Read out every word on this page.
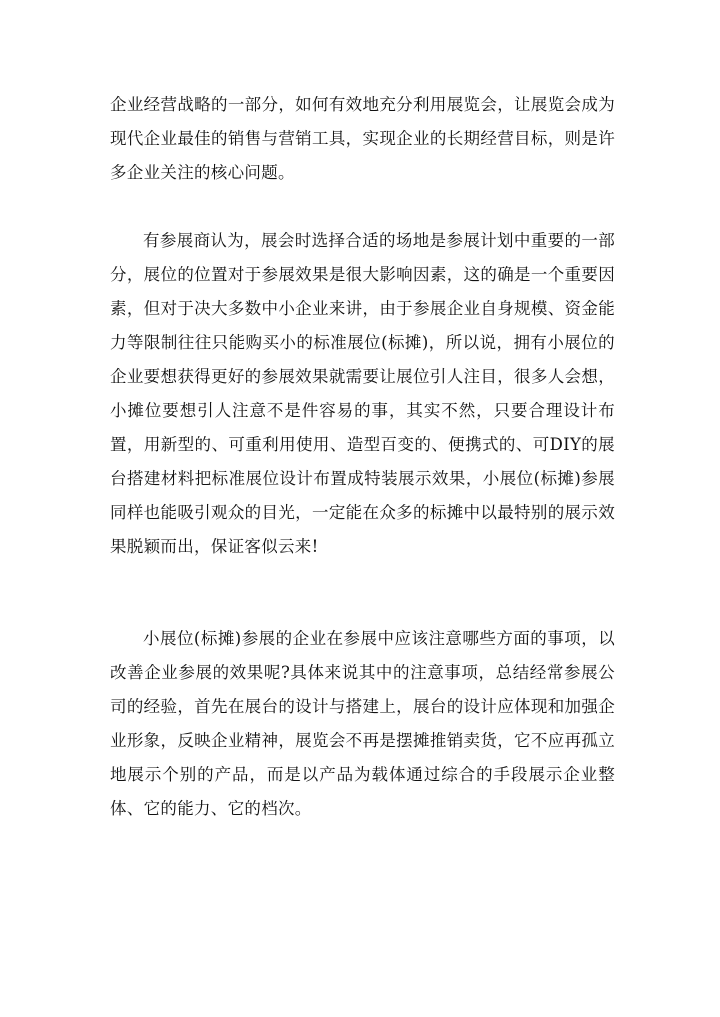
企业经营战略的一部分，如何有效地充分利用展览会，让展览会成为现代企业最佳的销售与营销工具，实现企业的长期经营目标，则是许多企业关注的核心问题。

有参展商认为，展会时选择合适的场地是参展计划中重要的一部分，展位的位置对于参展效果是很大影响因素，这的确是一个重要因素，但对于决大多数中小企业来讲，由于参展企业自身规模、资金能力等限制往往只能购买小的标准展位(标摊)，所以说，拥有小展位的企业要想获得更好的参展效果就需要让展位引人注目，很多人会想，小摊位要想引人注意不是件容易的事，其实不然，只要合理设计布置，用新型的、可重利用使用、造型百变的、便携式的、可DIY的展台搭建材料把标准展位设计布置成特装展示效果，小展位(标摊)参展同样也能吸引观众的目光，一定能在众多的标摊中以最特别的展示效果脱颖而出，保证客似云来!

小展位(标摊)参展的企业在参展中应该注意哪些方面的事项，以改善企业参展的效果呢?具体来说其中的注意事项，总结经常参展公司的经验，首先在展台的设计与搭建上，展台的设计应体现和加强企业形象，反映企业精神，展览会不再是摆摊推销卖货，它不应再孤立地展示个别的产品，而是以产品为载体通过综合的手段展示企业整体、它的能力、它的档次。
